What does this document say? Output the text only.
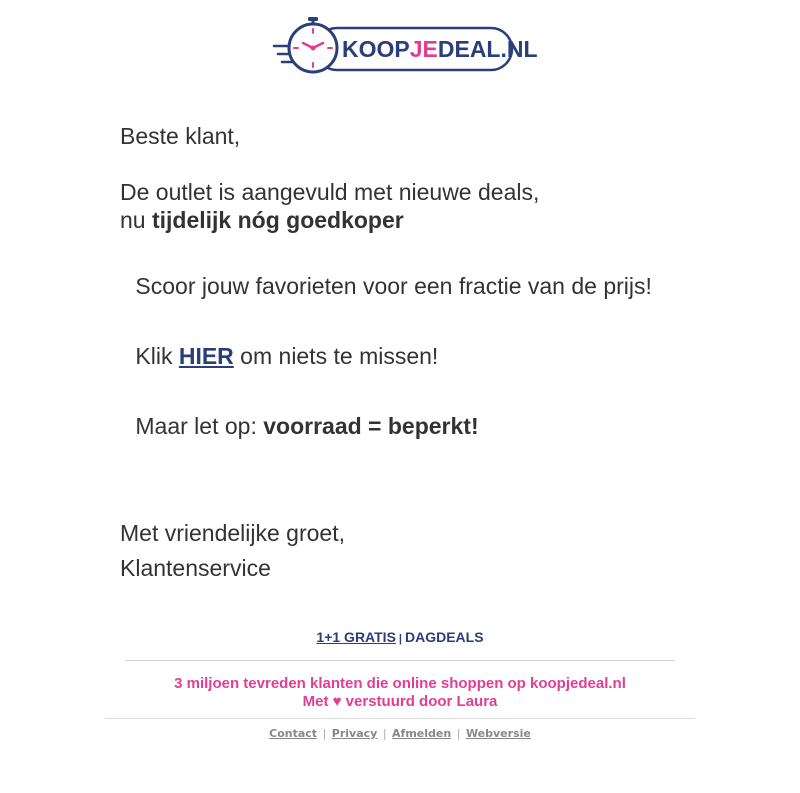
KOOPJEDEAL.NL
Beste klant,
De outlet is aangevuld met nieuwe deals,
nu tijdelijk nóg goedkoper
Scoor jouw favorieten voor een fractie van de prijs!
Klik HIER om niets te missen!
Maar let op: voorraad = beperkt!
Met vriendelijke groet,
Klantenservice
1+1 GRATIS | DAGDEALS
3 miljoen tevreden klanten die online shoppen op koopjedeal.nl
Met ♥ verstuurd door Laura
Contact | Privacy | Afmelden | Webversie
